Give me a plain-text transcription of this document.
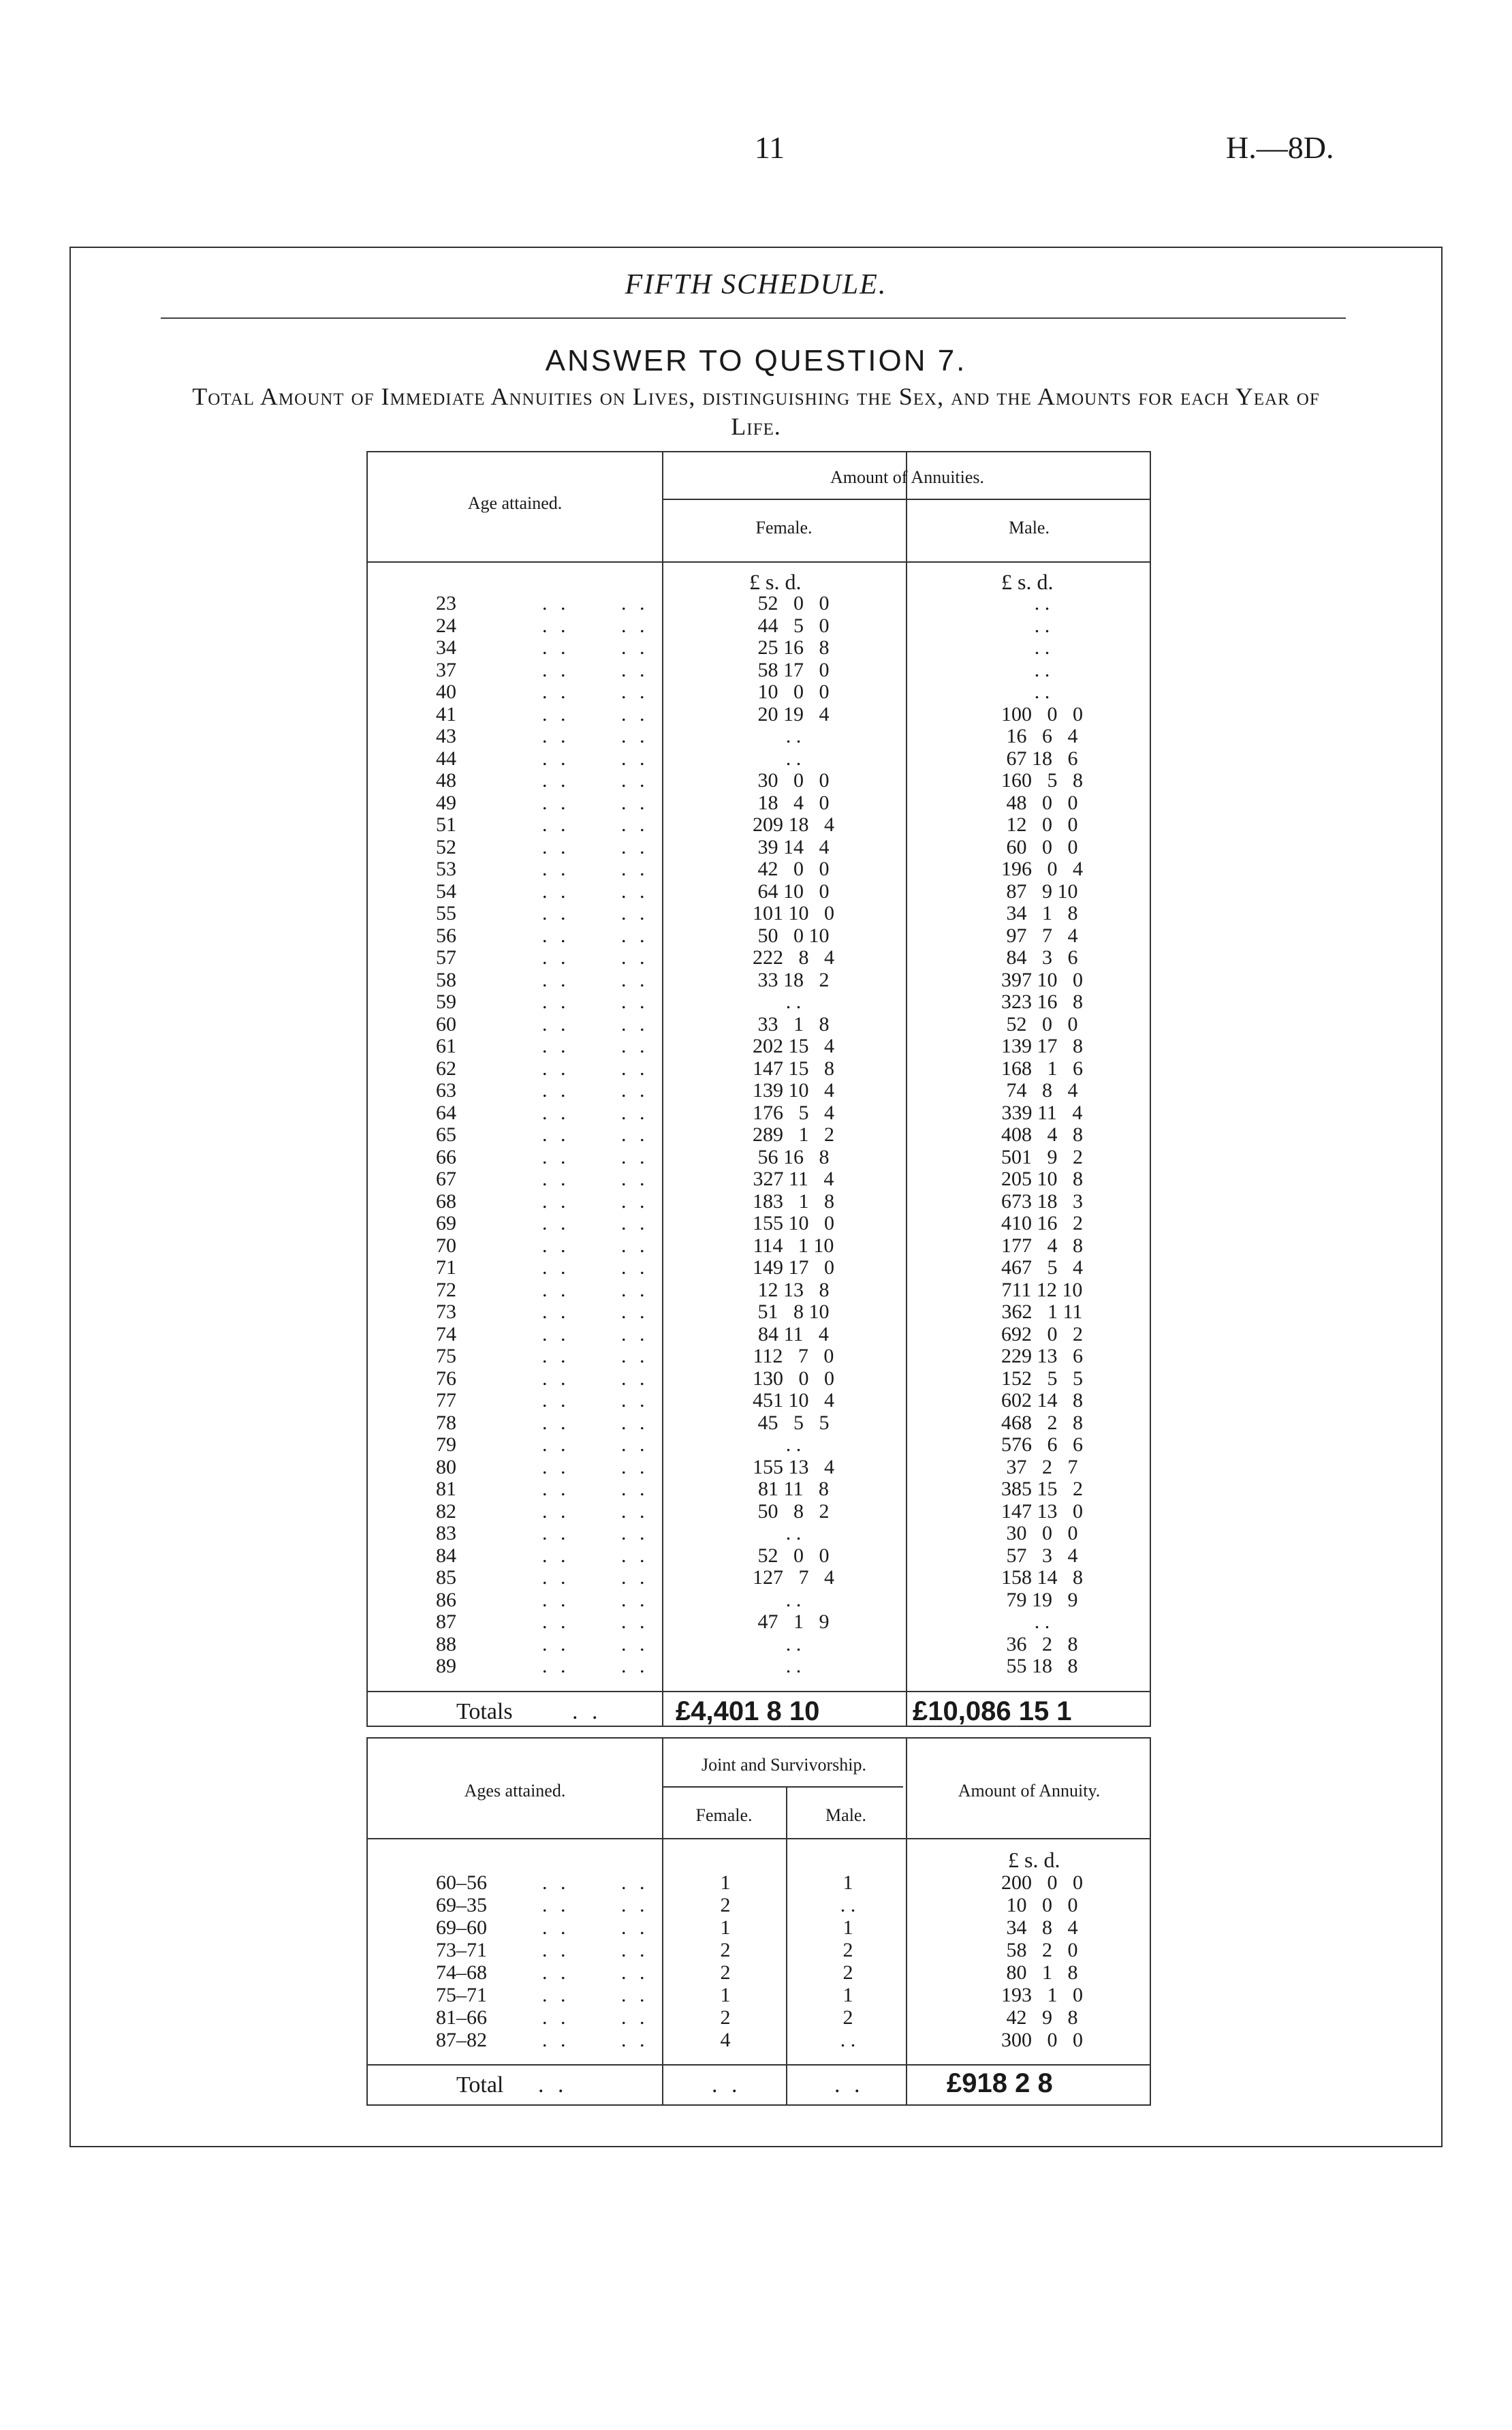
11	H.—8D.
FIFTH SCHEDULE.
ANSWER TO QUESTION 7.
Total Amount of Immediate Annuities on Lives, distinguishing the Sex, and the Amounts for each Year of Life.
Age attained.
Amount of Annuities.
Female.	Male.
£ s. d.	£ s. d.
23	. .	. .	52   0   0	. .
24	. .	. .	44   5   0	. .
34	. .	. .	25 16   8	. .
37	. .	. .	58 17   0	. .
40	. .	. .	10   0   0	. .
41	. .	. .	20 19   4	100   0   0
43	. .	. .	. .	16   6   4
44	. .	. .	. .	67 18   6
48	. .	. .	30   0   0	160   5   8
49	. .	. .	18   4   0	48   0   0
51	. .	. .	209 18   4	12   0   0
52	. .	. .	39 14   4	60   0   0
53	. .	. .	42   0   0	196   0   4
54	. .	. .	64 10   0	87   9 10
55	. .	. .	101 10   0	34   1   8
56	. .	. .	50   0 10	97   7   4
57	. .	. .	222   8   4	84   3   6
58	. .	. .	33 18   2	397 10   0
59	. .	. .	. .	323 16   8
60	. .	. .	33   1   8	52   0   0
61	. .	. .	202 15   4	139 17   8
62	. .	. .	147 15   8	168   1   6
63	. .	. .	139 10   4	74   8   4
64	. .	. .	176   5   4	339 11   4
65	. .	. .	289   1   2	408   4   8
66	. .	. .	56 16   8	501   9   2
67	. .	. .	327 11   4	205 10   8
68	. .	. .	183   1   8	673 18   3
69	. .	. .	155 10   0	410 16   2
70	. .	. .	114   1 10	177   4   8
71	. .	. .	149 17   0	467   5   4
72	. .	. .	12 13   8	711 12 10
73	. .	. .	51   8 10	362   1 11
74	. .	. .	84 11   4	692   0   2
75	. .	. .	112   7   0	229 13   6
76	. .	. .	130   0   0	152   5   5
77	. .	. .	451 10   4	602 14   8
78	. .	. .	45   5   5	468   2   8
79	. .	. .	. .	576   6   6
80	. .	. .	155 13   4	37   2   7
81	. .	. .	81 11   8	385 15   2
82	. .	. .	50   8   2	147 13   0
83	. .	. .	. .	30   0   0
84	. .	. .	52   0   0	57   3   4
85	. .	. .	127   7   4	158 14   8
86	. .	. .	. .	79 19   9
87	. .	. .	47   1   9	. .
88	. .	. .	. .	36   2   8
89	. .	. .	. .	55 18   8
Totals	. .	£4,401 8 10	£10,086 15 1
Ages attained.
Joint and Survivorship.
Female.	Male.
Amount of Annuity.
£ s. d.
60–56	. .	. .	1	1	200   0   0
69–35	. .	. .	2	. .	10   0   0
69–60	. .	. .	1	1	34   8   4
73–71	. .	. .	2	2	58   2   0
74–68	. .	. .	2	2	80   1   8
75–71	. .	. .	1	1	193   1   0
81–66	. .	. .	2	2	42   9   8
87–82	. .	. .	4	. .	300   0   0
Total . .	. .	. .	£918 2 8
